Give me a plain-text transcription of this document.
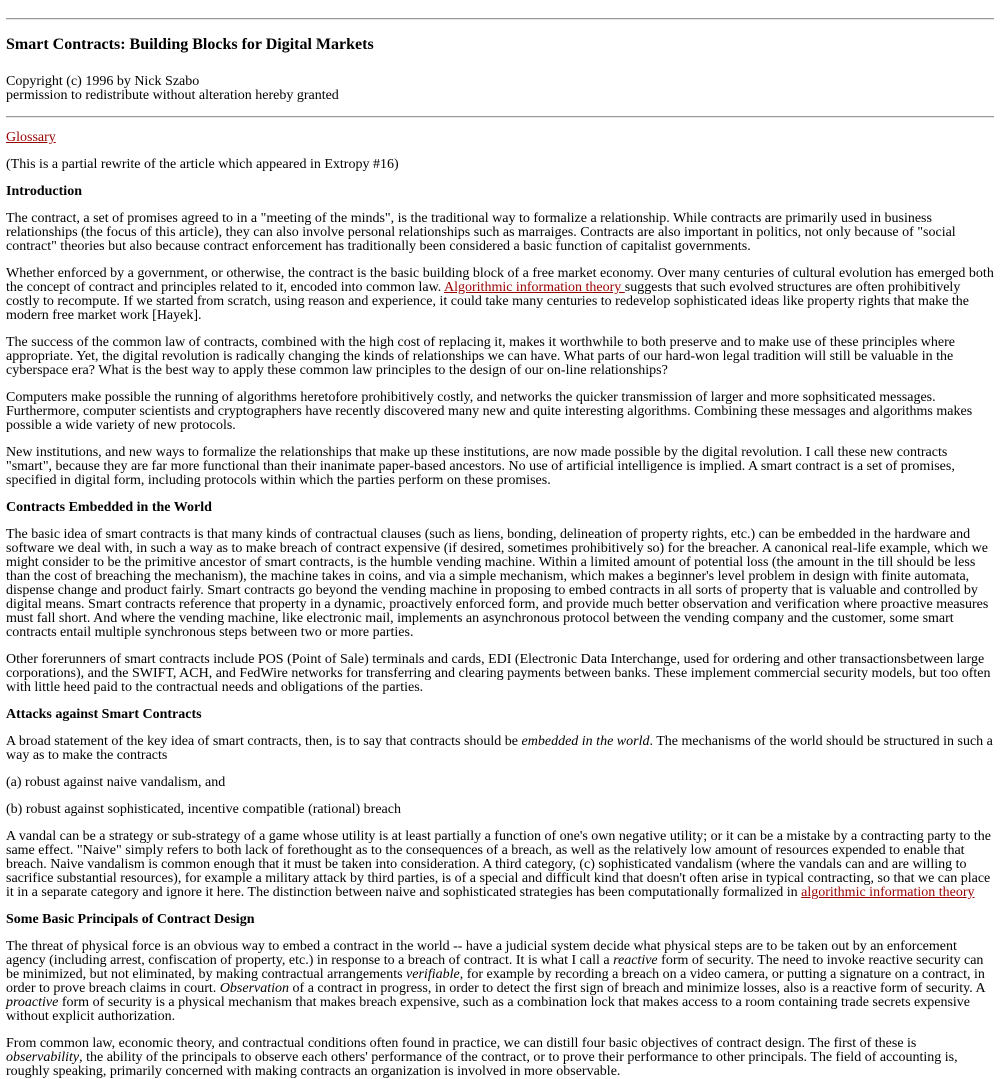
Smart Contracts: Building Blocks for Digital Markets
Copyright (c) 1996 by Nick Szabo
permission to redistribute without alteration hereby granted

Glossary

(This is a partial rewrite of the article which appeared in Extropy #16)

Introduction

The contract, a set of promises agreed to in a "meeting of the minds", is the traditional way to formalize a relationship. While contracts are primarily used in business relationships (the focus of this article), they can also involve personal relationships such as marraiges. Contracts are also important in politics, not only because of "social contract" theories but also because contract enforcement has traditionally been considered a basic function of capitalist governments.

Whether enforced by a government, or otherwise, the contract is the basic building block of a free market economy. Over many centuries of cultural evolution has emerged both the concept of contract and principles related to it, encoded into common law. Algorithmic information theory suggests that such evolved structures are often prohibitively costly to recompute. If we started from scratch, using reason and experience, it could take many centuries to redevelop sophisticated ideas like property rights that make the modern free market work [Hayek].

The success of the common law of contracts, combined with the high cost of replacing it, makes it worthwhile to both preserve and to make use of these principles where appropriate. Yet, the digital revolution is radically changing the kinds of relationships we can have. What parts of our hard-won legal tradition will still be valuable in the cyberspace era? What is the best way to apply these common law principles to the design of our on-line relationships?

Computers make possible the running of algorithms heretofore prohibitively costly, and networks the quicker transmission of larger and more sophsiticated messages. Furthermore, computer scientists and cryptographers have recently discovered many new and quite interesting algorithms. Combining these messages and algorithms makes possible a wide variety of new protocols.

New institutions, and new ways to formalize the relationships that make up these institutions, are now made possible by the digital revolution. I call these new contracts "smart", because they are far more functional than their inanimate paper-based ancestors. No use of artificial intelligence is implied. A smart contract is a set of promises, specified in digital form, including protocols within which the parties perform on these promises.

Contracts Embedded in the World

The basic idea of smart contracts is that many kinds of contractual clauses (such as liens, bonding, delineation of property rights, etc.) can be embedded in the hardware and software we deal with, in such a way as to make breach of contract expensive (if desired, sometimes prohibitively so) for the breacher. A canonical real-life example, which we might consider to be the primitive ancestor of smart contracts, is the humble vending machine. Within a limited amount of potential loss (the amount in the till should be less than the cost of breaching the mechanism), the machine takes in coins, and via a simple mechanism, which makes a beginner's level problem in design with finite automata, dispense change and product fairly. Smart contracts go beyond the vending machine in proposing to embed contracts in all sorts of property that is valuable and controlled by digital means. Smart contracts reference that property in a dynamic, proactively enforced form, and provide much better observation and verification where proactive measures must fall short. And where the vending machine, like electronic mail, implements an asynchronous protocol between the vending company and the customer, some smart contracts entail multiple synchronous steps between two or more parties.

Other forerunners of smart contracts include POS (Point of Sale) terminals and cards, EDI (Electronic Data Interchange, used for ordering and other transactionsbetween large corporations), and the SWIFT, ACH, and FedWire networks for transferring and clearing payments between banks. These implement commercial security models, but too often with little heed paid to the contractual needs and obligations of the parties.

Attacks against Smart Contracts

A broad statement of the key idea of smart contracts, then, is to say that contracts should be embedded in the world. The mechanisms of the world should be structured in such a way as to make the contracts

(a) robust against naive vandalism, and

(b) robust against sophisticated, incentive compatible (rational) breach

A vandal can be a strategy or sub-strategy of a game whose utility is at least partially a function of one's own negative utility; or it can be a mistake by a contracting party to the same effect. "Naive" simply refers to both lack of forethought as to the consequences of a breach, as well as the relatively low amount of resources expended to enable that breach. Naive vandalism is common enough that it must be taken into consideration. A third category, (c) sophisticated vandalism (where the vandals can and are willing to sacrifice substantial resources), for example a military attack by third parties, is of a special and difficult kind that doesn't often arise in typical contracting, so that we can place it in a separate category and ignore it here. The distinction between naive and sophisticated strategies has been computationally formalized in algorithmic information theory

Some Basic Principals of Contract Design

The threat of physical force is an obvious way to embed a contract in the world -- have a judicial system decide what physical steps are to be taken out by an enforcement agency (including arrest, confiscation of property, etc.) in response to a breach of contract. It is what I call a reactive form of security. The need to invoke reactive security can be minimized, but not eliminated, by making contractual arrangements verifiable, for example by recording a breach on a video camera, or putting a signature on a contract, in order to prove breach claims in court. Observation of a contract in progress, in order to detect the first sign of breach and minimize losses, also is a reactive form of security. A proactive form of security is a physical mechanism that makes breach expensive, such as a combination lock that makes access to a room containing trade secrets expensive without explicit authorization.

From common law, economic theory, and contractual conditions often found in practice, we can distill four basic objectives of contract design. The first of these is observability, the ability of the principals to observe each others' performance of the contract, or to prove their performance to other principals. The field of accounting is, roughly speaking, primarily concerned with making contracts an organization is involved in more observable.
